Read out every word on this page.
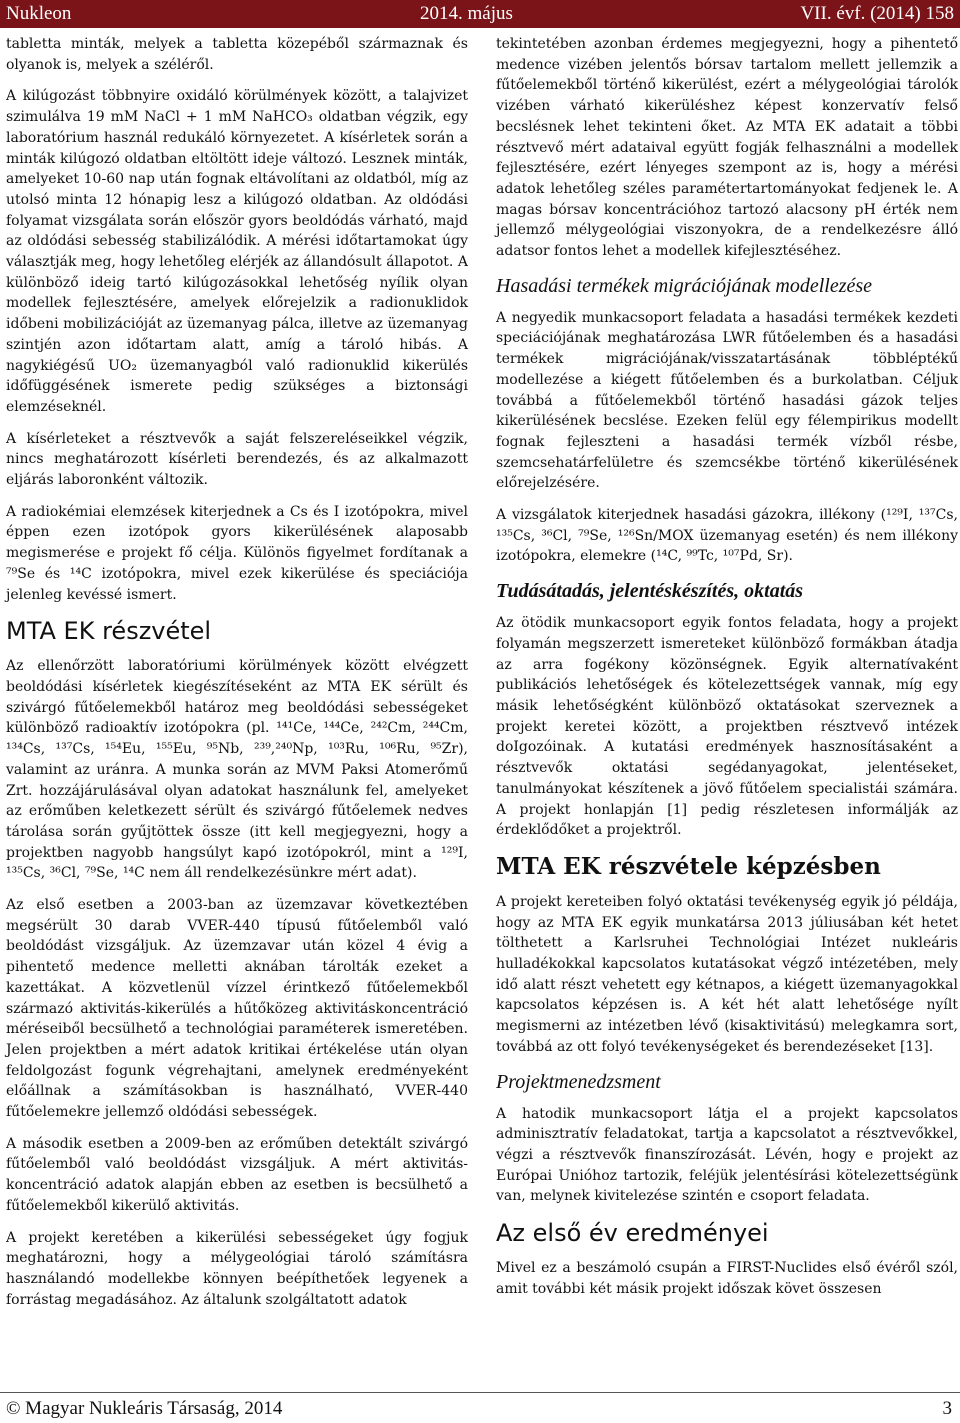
Nukleon	2014. május	VII. évf. (2014) 158

tabletta minták, melyek a tabletta közepéből származnak és olyanok is, melyek a széléről.

A kilúgozást többnyire oxidáló körülmények között, a talajvizet szimulálva 19 mM NaCl + 1 mM NaHCO₃ oldatban végzik, egy laboratórium használ redukáló környezetet. A kísérletek során a minták kilúgozó oldatban eltöltött ideje változó. Lesznek minták, amelyeket 10-60 nap után fognak eltávolítani az oldatból, míg az utolsó minta 12 hónapig lesz a kilúgozó oldatban. Az oldódási folyamat vizsgálata során először gyors beoldódás várható, majd az oldódási sebesség stabilizálódik. A mérési időtartamokat úgy választják meg, hogy lehetőleg elérjék az állandósult állapotot. A különböző ideig tartó kilúgozásokkal lehetőség nyílik olyan modellek fejlesztésére, amelyek előrejelzik a radionuklidok időbeni mobilizációját az üzemanyag pálca, illetve az üzemanyag szintjén azon időtartam alatt, amíg a tároló hibás. A nagykiégésű UO₂ üzemanyagból való radionuklid kikerülés időfüggésének ismerete pedig szükséges a biztonsági elemzéseknél.

A kísérleteket a résztvevők a saját felszereléseikkel végzik, nincs meghatározott kísérleti berendezés, és az alkalmazott eljárás laboronként változik.

A radiokémiai elemzések kiterjednek a Cs és I izotópokra, mivel éppen ezen izotópok gyors kikerülésének alaposabb megismerése e projekt fő célja. Különös figyelmet fordítanak a ⁷⁹Se és ¹⁴C izotópokra, mivel ezek kikerülése és speciációja jelenleg kevéssé ismert.

MTA EK részvétel

Az ellenőrzött laboratóriumi körülmények között elvégzett beoldódási kísérletek kiegészítéseként az MTA EK sérült és szivárgó fűtőelemekből határoz meg beoldódási sebességeket különböző radioaktív izotópokra (pl. ¹⁴¹Ce, ¹⁴⁴Ce, ²⁴²Cm, ²⁴⁴Cm, ¹³⁴Cs, ¹³⁷Cs, ¹⁵⁴Eu, ¹⁵⁵Eu, ⁹⁵Nb, ²³⁹,²⁴⁰Np, ¹⁰³Ru, ¹⁰⁶Ru, ⁹⁵Zr), valamint az uránra. A munka során az MVM Paksi Atomerőmű Zrt. hozzájárulásával olyan adatokat használunk fel, amelyeket az erőműben keletkezett sérült és szivárgó fűtőelemek nedves tárolása során gyűjtöttek össze (itt kell megjegyezni, hogy a projektben nagyobb hangsúlyt kapó izotópokról, mint a ¹²⁹I, ¹³⁵Cs, ³⁶Cl, ⁷⁹Se, ¹⁴C nem áll rendelkezésünkre mért adat).

Az első esetben a 2003-ban az üzemzavar következtében megsérült 30 darab VVER-440 típusú fűtőelemből való beoldódást vizsgáljuk. Az üzemzavar után közel 4 évig a pihentető medence melletti aknában tárolták ezeket a kazettákat. A közvetlenül vízzel érintkező fűtőelemekből származó aktivitás-kikerülés a hűtőközeg aktivitáskoncentráció méréseiből becsülhető a technológiai paraméterek ismeretében. Jelen projektben a mért adatok kritikai értékelése után olyan feldolgozást fogunk végrehajtani, amelynek eredményeként előállnak a számításokban is használható, VVER-440 fűtőelemekre jellemző oldódási sebességek.

A második esetben a 2009-ben az erőműben detektált szivárgó fűtőelemből való beoldódást vizsgáljuk. A mért aktivitás-koncentráció adatok alapján ebben az esetben is becsülhető a fűtőelemekből kikerülő aktivitás.

A projekt keretében a kikerülési sebességeket úgy fogjuk meghatározni, hogy a mélygeológiai tároló számításra használandó modellekbe könnyen beépíthetőek legyenek a forrástag megadásához. Az általunk szolgáltatott adatok

tekintetében azonban érdemes megjegyezni, hogy a pihentető medence vizében jelentős bórsav tartalom mellett jellemzik a fűtőelemekből történő kikerülést, ezért a mélygeológiai tárolók vizében várható kikerüléshez képest konzervatív felső becslésnek lehet tekinteni őket. Az MTA EK adatait a többi résztvevő mért adataival együtt fogják felhasználni a modellek fejlesztésére, ezért lényeges szempont az is, hogy a mérési adatok lehetőleg széles paramétertartományokat fedjenek le. A magas bórsav koncentrációhoz tartozó alacsony pH érték nem jellemző mélygeológiai viszonyokra, de a rendelkezésre álló adatsor fontos lehet a modellek kifejlesztéséhez.

Hasadási termékek migrációjának modellezése

A negyedik munkacsoport feladata a hasadási termékek kezdeti speciációjának meghatározása LWR fűtőelemben és a hasadási termékek migrációjának/visszatartásának többléptékű modellezése a kiégett fűtőelemben és a burkolatban. Céljuk továbbá a fűtőelemekből történő hasadási gázok teljes kikerülésének becslése. Ezeken felül egy félempirikus modellt fognak fejleszteni a hasadási termék vízből résbe, szemcsehatárfelületre és szemcsékbe történő kikerülésének előrejelzésére.

A vizsgálatok kiterjednek hasadási gázokra, illékony (¹²⁹I, ¹³⁷Cs, ¹³⁵Cs, ³⁶Cl, ⁷⁹Se, ¹²⁶Sn/MOX üzemanyag esetén) és nem illékony izotópokra, elemekre (¹⁴C, ⁹⁹Tc, ¹⁰⁷Pd, Sr).

Tudásátadás, jelentéskészítés, oktatás

Az ötödik munkacsoport egyik fontos feladata, hogy a projekt folyamán megszerzett ismereteket különböző formákban átadja az arra fogékony közönségnek. Egyik alternatívaként publikációs lehetőségek és kötelezettségek vannak, míg egy másik lehetőségként különböző oktatásokat szerveznek a projekt keretei között, a projektben résztvevő intézek doIgozóinak. A kutatási eredmények hasznosításaként a résztvevők oktatási segédanyagokat, jelentéseket, tanulmányokat készítenek a jövő fűtőelem specialistái számára. A projekt honlapján [1] pedig részletesen informálják az érdeklődőket a projektről.

MTA EK részvétele képzésben

A projekt kereteiben folyó oktatási tevékenység egyik jó példája, hogy az MTA EK egyik munkatársa 2013 júliusában két hetet tölthetett a Karlsruhei Technológiai Intézet nukleáris hulladékokkal kapcsolatos kutatásokat végző intézetében, mely idő alatt részt vehetett egy kétnapos, a kiégett üzemanyagokkal kapcsolatos képzésen is. A két hét alatt lehetősége nyílt megismerni az intézetben lévő (kisaktivitású) melegkamra sort, továbbá az ott folyó tevékenységeket és berendezéseket [13].

Projektmenedzsment

A hatodik munkacsoport látja el a projekt kapcsolatos adminisztratív feladatokat, tartja a kapcsolatot a résztvevőkkel, végzi a résztvevők finanszírozását. Lévén, hogy e projekt az Európai Unióhoz tartozik, feléjük jelentésírási kötelezettségünk van, melynek kivitelezése szintén e csoport feladata.

Az első év eredményei

Mivel ez a beszámoló csupán a FIRST-Nuclides első évéről szól, amit további két másik projekt időszak követ összesen

© Magyar Nukleáris Társaság, 2014	3
